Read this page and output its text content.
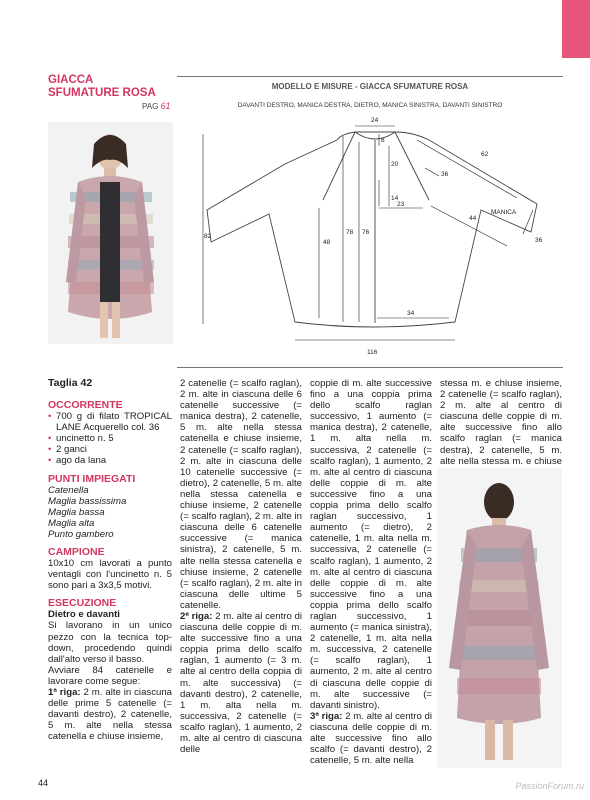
GIACCA
SFUMATURE ROSA
PAG 61
MODELLO E MISURE - GIACCA SFUMATURE ROSA
DAVANTI DESTRO, MANICA DESTRA, DIETRO, MANICA SINISTRA, DAVANTI SINISTRO
24
8
20
36
62
14
23
44
MANICA
36
82
48
78 76
34
116
Taglia 42
OCCORRENTE

• 700 g di filato TROPICAL LANE Acquerello col. 36

• uncinetto n. 5

• 2 ganci

• ago da lana

PUNTI IMPIEGATI

Catenella

Maglia bassissima

Maglia bassa

Maglia alta

Punto gambero

CAMPIONE

10x10 cm lavorati a punto ventagli con l'uncinetto n. 5 sono pari a 3x3,5 motivi.

ESECUZIONE

Dietro e davanti

Si lavorano in un unico pezzo con la tecnica top-down, procedendo quindi dall'alto verso il basso.

Avviare 84 catenelle e lavorare come segue:

1ª riga: 2 m. alte in ciascuna delle prime 5 catenelle (= davanti destro), 2 catenelle, 5 m. alte nella stessa catenella e chiuse insieme,

2 catenelle (= scalfo raglan), 2 m. alte in ciascuna delle 6 catenelle successive (= manica destra), 2 catenelle, 5 m. alte nella stessa catenella e chiuse insieme, 2 catenelle (= scalfo raglan), 2 m. alte in ciascuna delle 10 catenelle successive (= dietro), 2 catenelle, 5 m. alte nella stessa catenella e chiuse insieme, 2 catenelle (= scalfo raglan), 2 m. alte in ciascuna delle 6 catenelle successive (= manica sinistra), 2 catenelle, 5 m. alte nella stessa catenella e chiuse insieme, 2 catenelle (= scalfo raglan), 2 m. alte in ciascuna delle ultime 5 catenelle.

2ª riga: 2 m. alte al centro di ciascuna delle coppie di m. alte successive fino a una coppia prima dello scalfo raglan, 1 aumento (= 3 m. alte al centro della coppia di m. alte successiva) (= davanti destro), 2 catenelle, 1 m. alta nella m. successiva, 2 catenelle (= scalfo raglan), 1 aumento, 2 m. alte al centro di ciascuna delle

coppie di m. alte successive fino a una coppia prima dello scalfo raglan successivo, 1 aumento (= manica destra), 2 catenelle, 1 m. alta nella m. successiva, 2 catenelle (= scalfo raglan), 1 aumento, 2 m. alte al centro di ciascuna delle coppie di m. alte successive fino a una coppia prima dello scalfo raglan successivo, 1 aumento (= dietro), 2 catenelle, 1 m. alta nella m. successiva, 2 catenelle (= scalfo raglan), 1 aumento, 2 m. alte al centro di ciascuna delle coppie di m. alte successive fino a una coppia prima dello scalfo raglan successivo, 1 aumento (= manica sinistra), 2 catenelle, 1 m. alta nella m. successiva, 2 catenelle (= scalfo raglan), 1 aumento, 2 m. alte al centro di ciascuna delle coppie di m. alte successive (= davanti sinistro).

3ª riga: 2 m. alte al centro di ciascuna delle coppie di m. alte successive fino allo scalfo (= davanti destro), 2 catenelle, 5 m. alte nella

stessa m. e chiuse insieme, 2 catenelle (= scalfo raglan), 2 m. alte al centro di ciascuna delle coppie di m. alte successive fino allo scalfo raglan (= manica destra), 2 catenelle, 5 m. alte nella stessa m. e chiuse

44	PassionForum.ru
